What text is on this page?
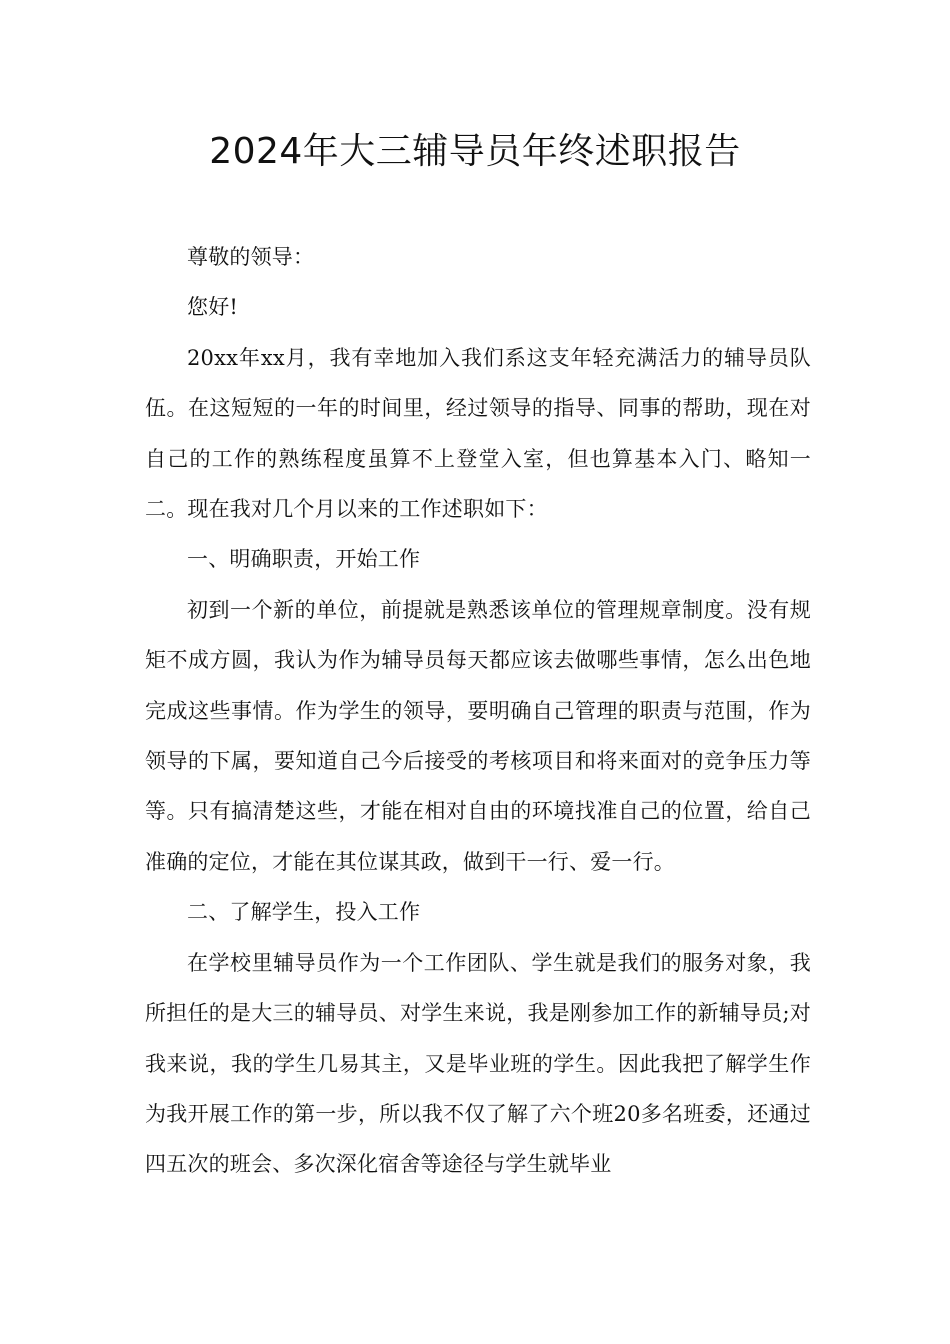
2024年大三辅导员年终述职报告

尊敬的领导：

您好!

20xx年xx月，我有幸地加入我们系这支年轻充满活力的辅导员队伍。在这短短的一年的时间里，经过领导的指导、同事的帮助，现在对自己的工作的熟练程度虽算不上登堂入室，但也算基本入门、略知一二。现在我对几个月以来的工作述职如下：

一、明确职责，开始工作

初到一个新的单位，前提就是熟悉该单位的管理规章制度。没有规矩不成方圆，我认为作为辅导员每天都应该去做哪些事情，怎么出色地完成这些事情。作为学生的领导，要明确自己管理的职责与范围，作为领导的下属，要知道自己今后接受的考核项目和将来面对的竞争压力等等。只有搞清楚这些，才能在相对自由的环境找准自己的位置，给自己准确的定位，才能在其位谋其政，做到干一行、爱一行。

二、了解学生，投入工作

在学校里辅导员作为一个工作团队、学生就是我们的服务对象，我所担任的是大三的辅导员、对学生来说，我是刚参加工作的新辅导员;对我来说，我的学生几易其主，又是毕业班的学生。因此我把了解学生作为我开展工作的第一步，所以我不仅了解了六个班20多名班委，还通过四五次的班会、多次深化宿舍等途径与学生就毕业
